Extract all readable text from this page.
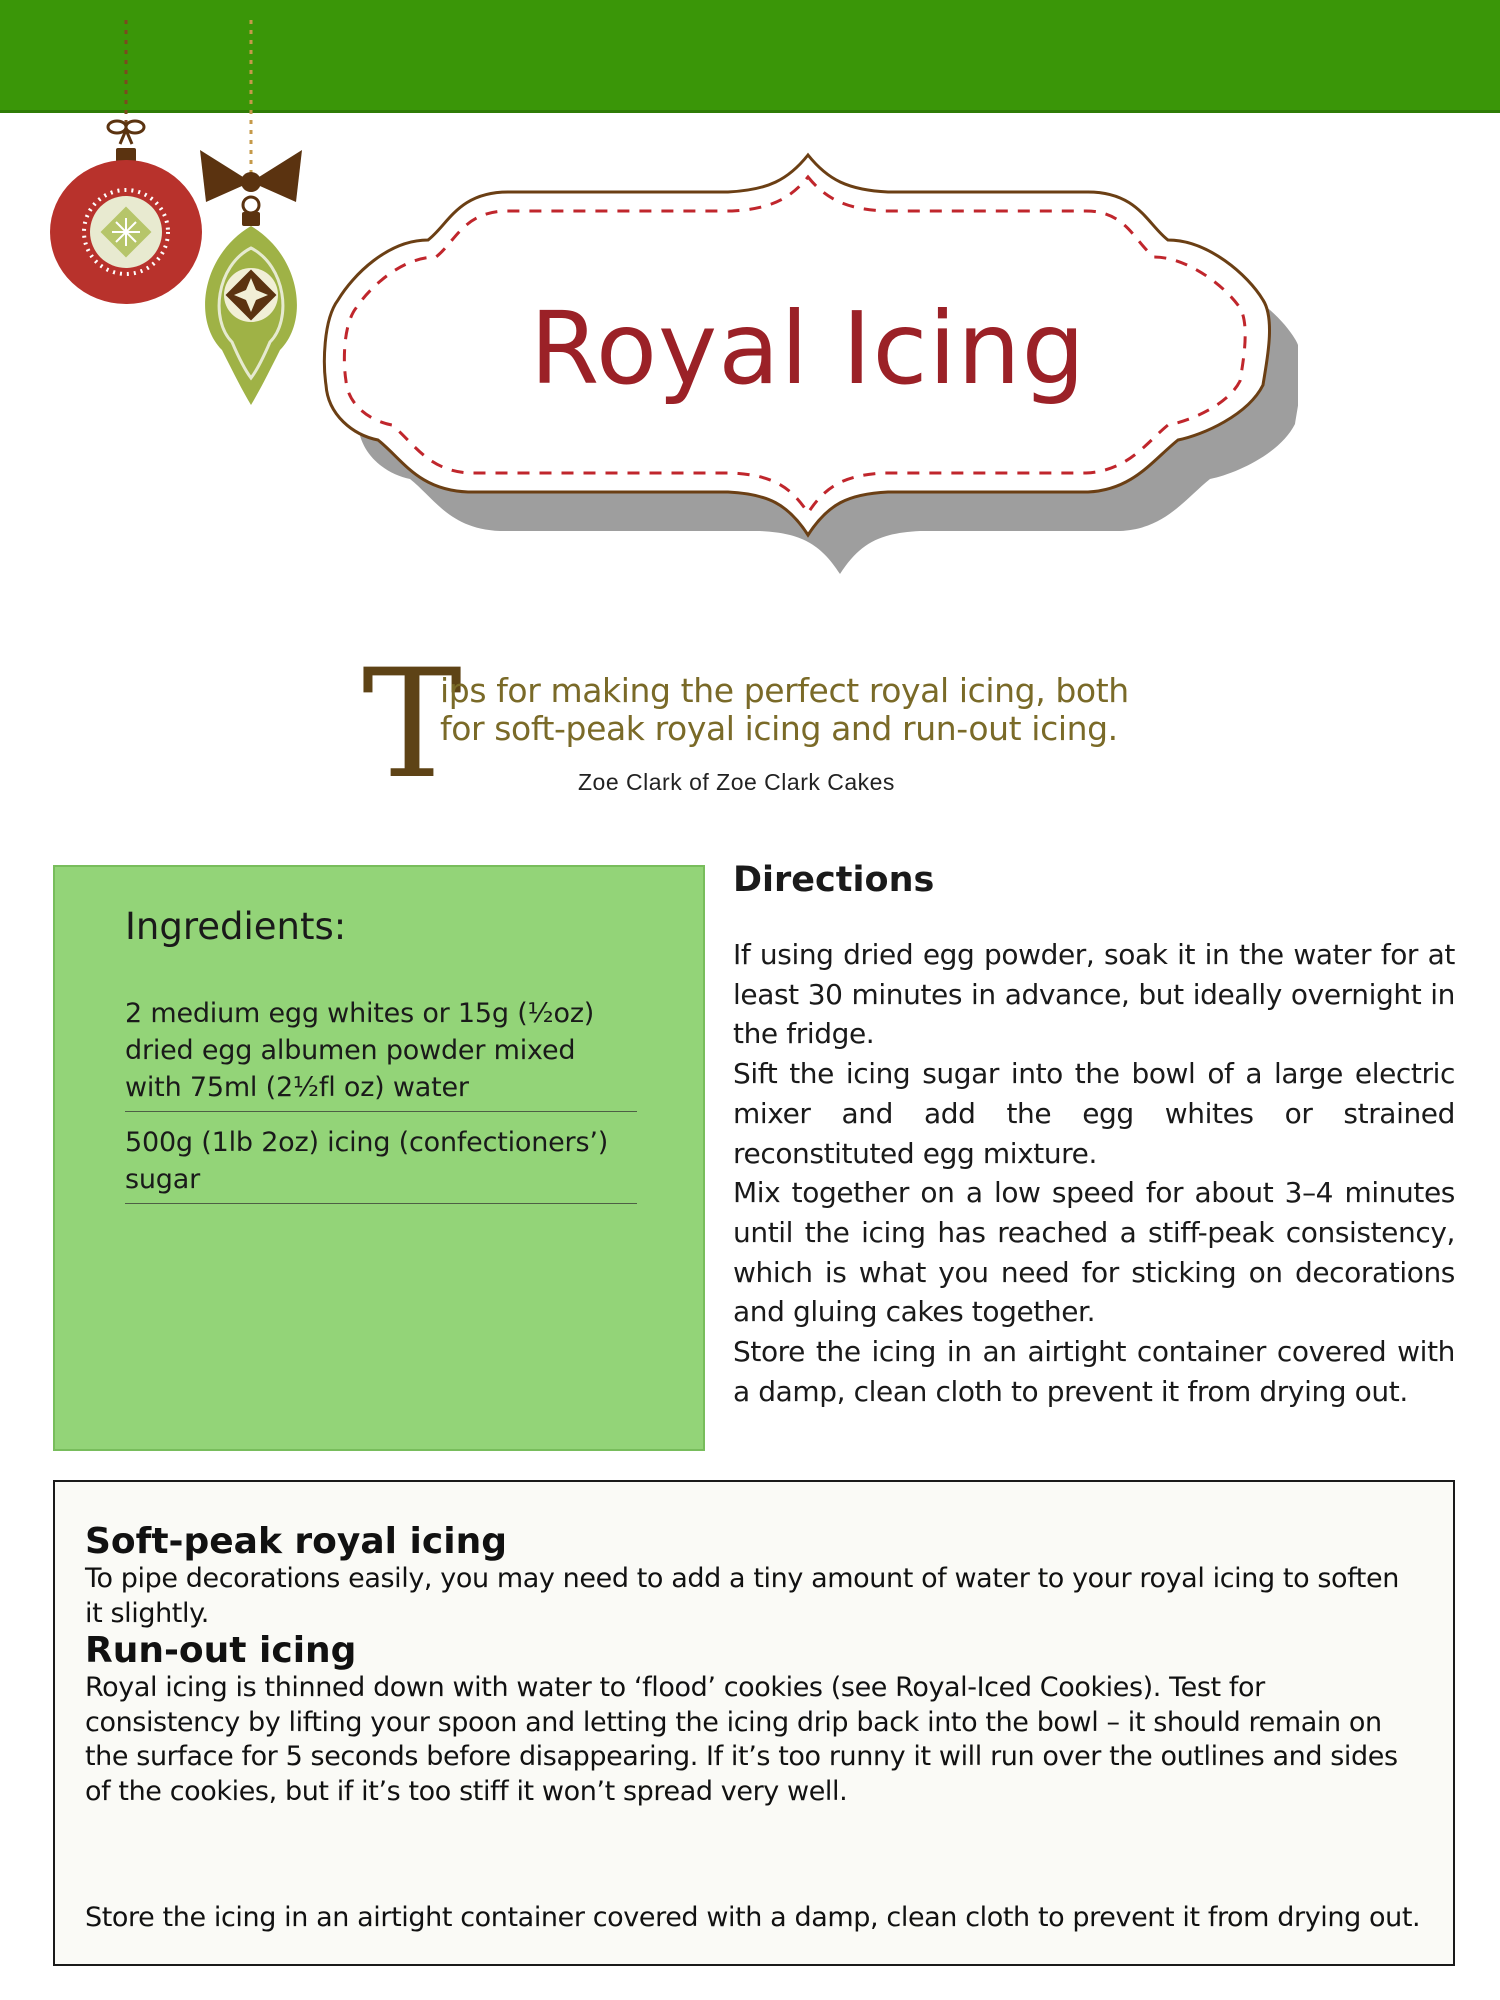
Royal Icing
T
ips for making the perfect royal icing, both
for soft-peak royal icing and run-out icing.
Zoe Clark of Zoe Clark Cakes
Ingredients:
2 medium egg whites or 15g (½oz) dried egg albumen powder mixed with 75ml (2½fl oz) water
500g (1lb 2oz) icing (confectioners’) sugar
Directions

If using dried egg powder, soak it in the water for at least 30 minutes in advance, but ideally overnight in the fridge.

Sift the icing sugar into the bowl of a large electric mixer and add the egg whites or strained reconstituted egg mixture.

Mix together on a low speed for about 3–4 minutes until the icing has reached a stiff-peak consistency, which is what you need for sticking on decorations and gluing cakes together.

Store the icing in an airtight container covered with a damp, clean cloth to prevent it from drying out.

Soft-peak royal icing

To pipe decorations easily, you may need to add a tiny amount of water to your royal icing to soften it slightly.

Run-out icing

Royal icing is thinned down with water to ‘flood’ cookies (see Royal-Iced Cookies). Test for consistency by lifting your spoon and letting the icing drip back into the bowl – it should remain on the surface for 5 seconds before disappearing. If it’s too runny it will run over the outlines and sides of the cookies, but if it’s too stiff it won’t spread very well.

Store the icing in an airtight container covered with a damp, clean cloth to prevent it from drying out.
